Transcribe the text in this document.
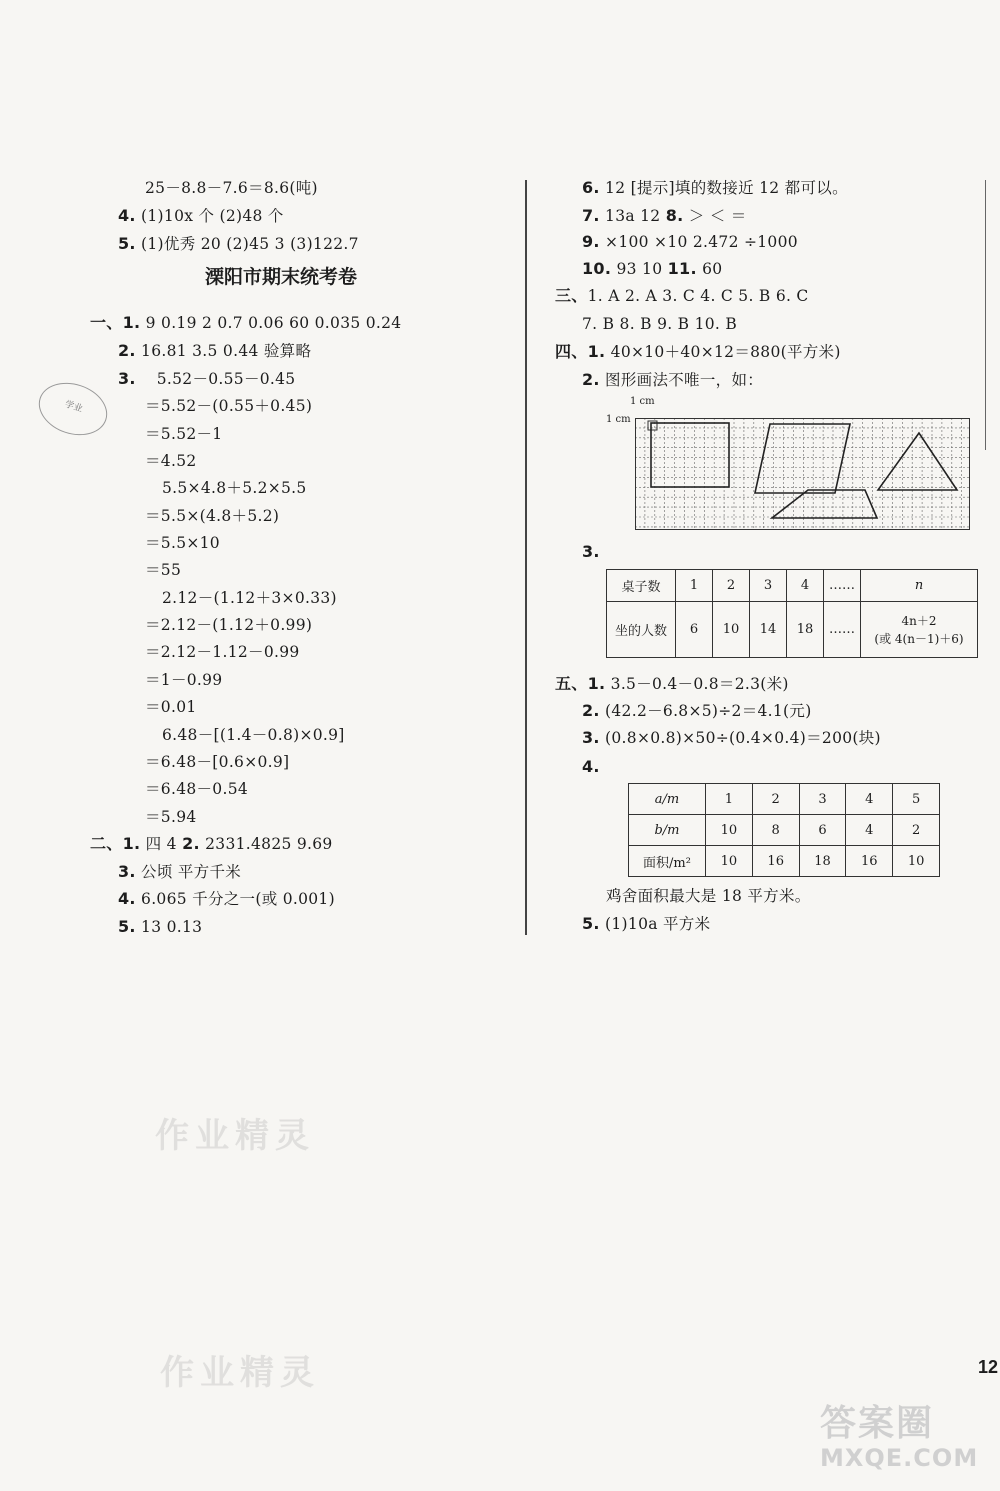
25－8.8－7.6＝8.6(吨)
4. (1)10x 个 (2)48 个
5. (1)优秀 20 (2)45 3 (3)122.7
溧阳市期末统考卷
一、1. 9 0.19 2 0.7 0.06 60 0.035 0.24
2. 16.81 3.5 0.44 验算略
3. 5.52－0.55－0.45
＝5.52－(0.55＋0.45)
＝5.52－1
＝4.52
5.5×4.8＋5.2×5.5
＝5.5×(4.8＋5.2)
＝5.5×10
＝55
2.12－(1.12＋3×0.33)
＝2.12－(1.12＋0.99)
＝2.12－1.12－0.99
＝1－0.99
＝0.01
6.48－[(1.4－0.8)×0.9]
＝6.48－[0.6×0.9]
＝6.48－0.54
＝5.94
二、1. 四 4 2. 2331.4825 9.69
3. 公顷 平方千米
4. 6.065 千分之一(或 0.001)
5. 13 0.13
学业
6. 12 [提示]填的数接近 12 都可以。
7. 13a 12 8. ＞ ＜ ＝
9. ×100 ×10 2.472 ÷1000
10. 93 10 11. 60
三、1. A 2. A 3. C 4. C 5. B 6. C
7. B 8. B 9. B 10. B
四、1. 40×10＋40×12＝880(平方米)
2. 图形画法不唯一，如：
1 cm
1 cm
3.
桌子数	1	2	3	4	……	n
坐的人数	6	10	14	18	……	4n＋2
(或 4(n－1)＋6)
五、1. 3.5－0.4－0.8＝2.3(米)
2. (42.2－6.8×5)÷2＝4.1(元)
3. (0.8×0.8)×50÷(0.4×0.4)＝200(块)
4.
a/m	1	2	3	4	5
b/m	10	8	6	4	2
面积/m²	10	16	18	16	10
鸡舍面积最大是 18 平方米。
5. (1)10a 平方米
作业精灵
作业精灵	12
答案圈
MXQE.COM
